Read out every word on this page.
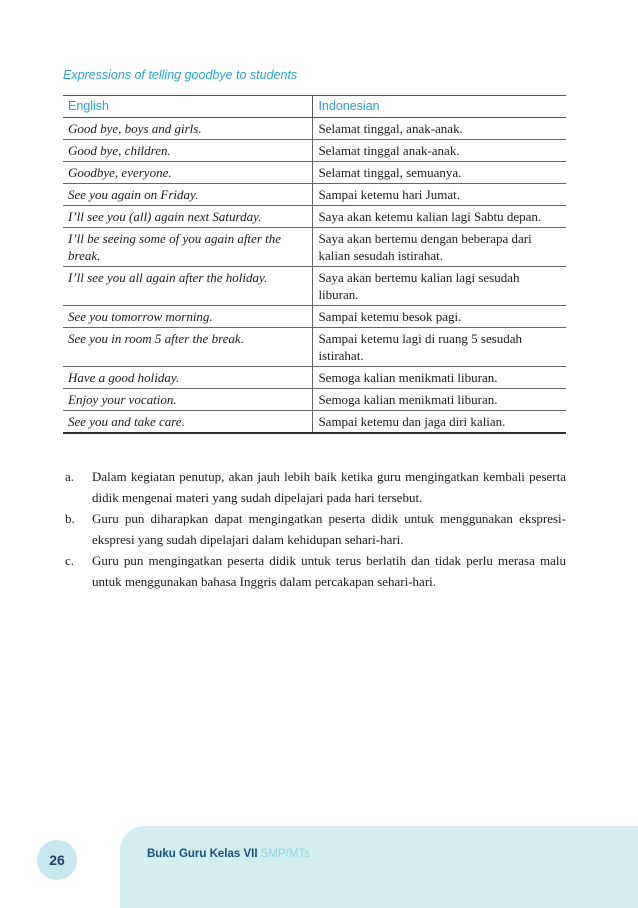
Expressions of telling goodbye to students
English	Indonesian
Good bye, boys and girls.	Selamat tinggal, anak-anak.
Good bye, children.	Selamat tinggal anak-anak.
Goodbye, everyone.	Selamat tinggal, semuanya.
See you again on Friday.	Sampai ketemu hari Jumat.
I’ll see you (all) again next Saturday.	Saya akan ketemu kalian lagi Sabtu depan.
I’ll be seeing some of you again after the break.	Saya akan bertemu dengan beberapa dari kalian sesudah istirahat.
I’ll see you all again after the holiday.	Saya akan bertemu kalian lagi sesudah liburan.
See you tomorrow morning.	Sampai ketemu besok pagi.
See you in room 5 after the break.	Sampai ketemu lagi di ruang 5 sesudah istirahat.
Have a good holiday.	Semoga kalian menikmati liburan.
Enjoy your vocation.	Semoga kalian menikmati liburan.
See you and take care.	Sampai ketemu dan jaga diri kalian.
a. Dalam kegiatan penutup, akan jauh lebih baik ketika guru mengingatkan kembali peserta didik mengenai materi yang sudah dipelajari pada hari tersebut.
b. Guru pun diharapkan dapat mengingatkan peserta didik untuk menggunakan ekspresi-ekspresi yang sudah dipelajari dalam kehidupan sehari-hari.
c. Guru pun mengingatkan peserta didik untuk terus berlatih dan tidak perlu merasa malu untuk menggunakan bahasa Inggris dalam percakapan sehari-hari.
26	Buku Guru Kelas VII SMP/MTs
